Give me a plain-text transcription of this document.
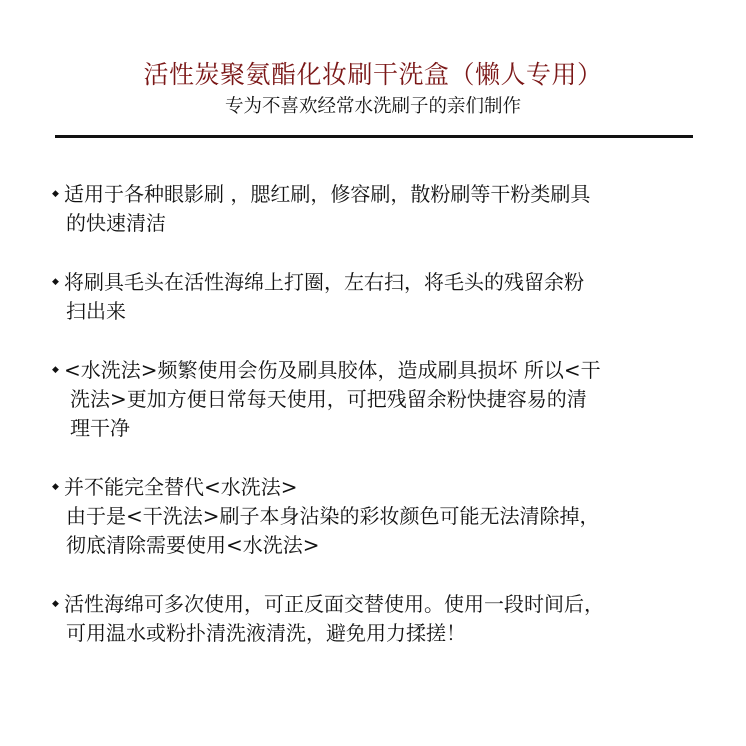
活性炭聚氨酯化妆刷干洗盒（懒人专用）
专为不喜欢经常水洗刷子的亲们制作
◆ 适用于各种眼影刷 ，腮红刷，修容刷，散粉刷等干粉类刷具
的快速清洁
◆ 将刷具毛头在活性海绵上打圈，左右扫，将毛头的残留余粉
扫出来
◆ <水洗法>频繁使用会伤及刷具胶体，造成刷具损坏 所以<干
洗法>更加方便日常每天使用，可把残留余粉快捷容易的清
理干净
◆ 并不能完全替代<水洗法>
由于是<干洗法>刷子本身沾染的彩妆颜色可能无法清除掉，
彻底清除需要使用<水洗法>
◆ 活性海绵可多次使用，可正反面交替使用。使用一段时间后，
可用温水或粉扑清洗液清洗，避免用力揉搓！
